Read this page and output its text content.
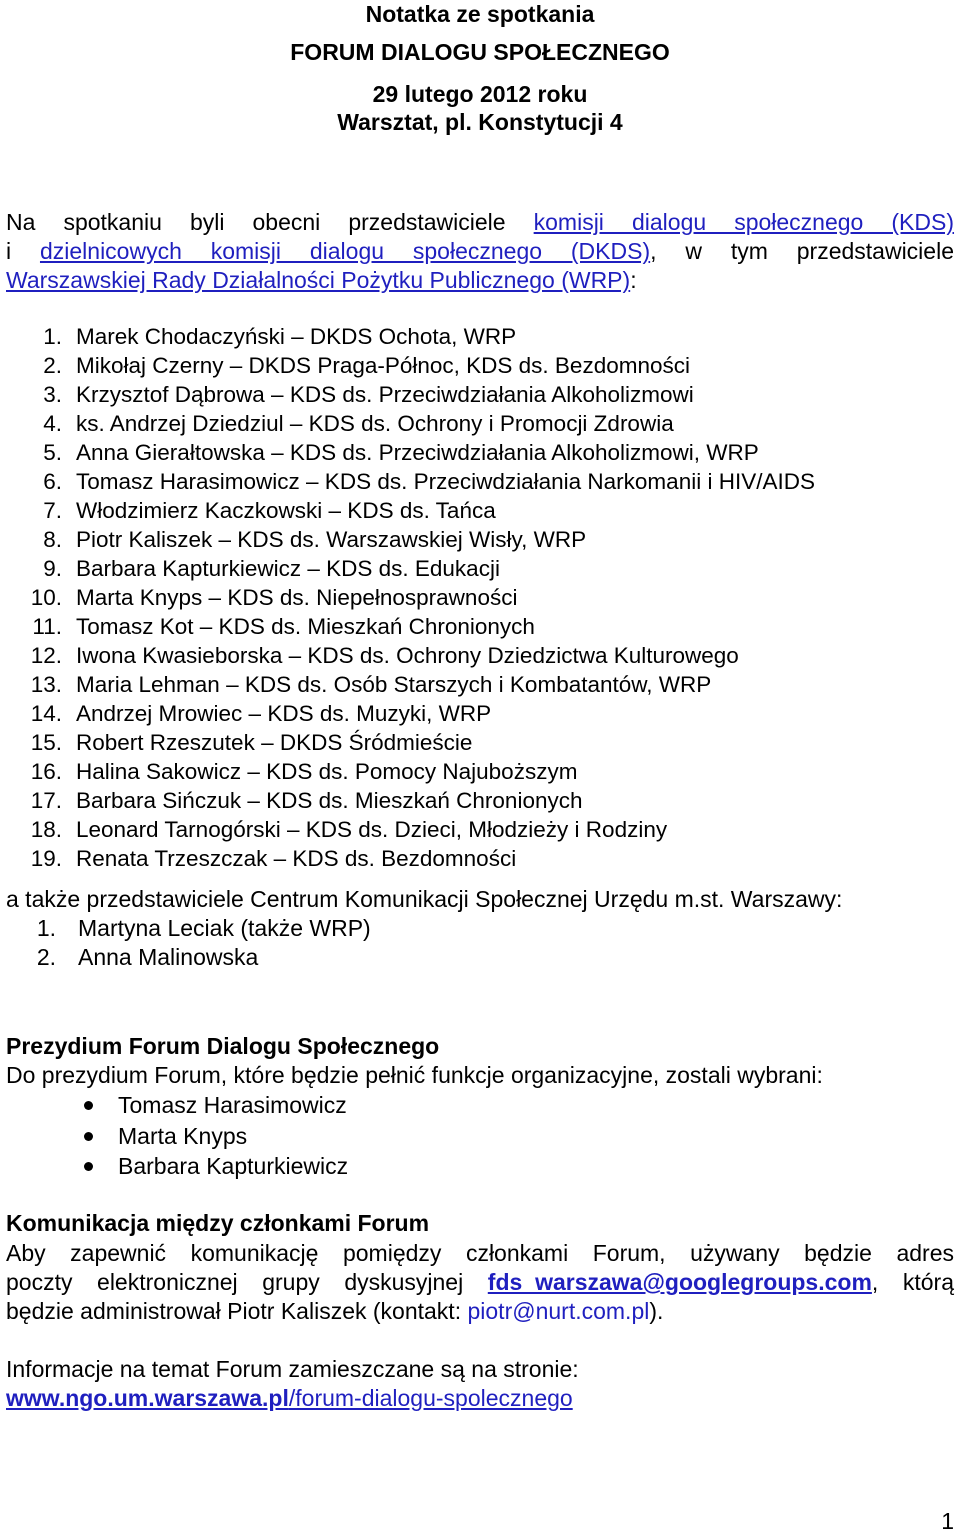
Notatka ze spotkania
FORUM DIALOGU SPOŁECZNEGO
29 lutego 2012 roku
Warsztat, pl. Konstytucji 4

Na spotkaniu byli obecni przedstawiciele komisji dialogu społecznego (KDS)
i dzielnicowych komisji dialogu społecznego (DKDS), w tym przedstawiciele
Warszawskiej Rady Działalności Pożytku Publicznego (WRP):

1. Marek Chodaczyński – DKDS Ochota, WRP
2. Mikołaj Czerny – DKDS Praga-Północ, KDS ds. Bezdomności
3. Krzysztof Dąbrowa – KDS ds. Przeciwdziałania Alkoholizmowi
4. ks. Andrzej Dziedziul – KDS ds. Ochrony i Promocji Zdrowia
5. Anna Gierałtowska – KDS ds. Przeciwdziałania Alkoholizmowi, WRP
6. Tomasz Harasimowicz – KDS ds. Przeciwdziałania Narkomanii i HIV/AIDS
7. Włodzimierz Kaczkowski – KDS ds. Tańca
8. Piotr Kaliszek – KDS ds. Warszawskiej Wisły, WRP
9. Barbara Kapturkiewicz – KDS ds. Edukacji
10. Marta Knyps – KDS ds. Niepełnosprawności
11. Tomasz Kot – KDS ds. Mieszkań Chronionych
12. Iwona Kwasieborska – KDS ds. Ochrony Dziedzictwa Kulturowego
13. Maria Lehman – KDS ds. Osób Starszych i Kombatantów, WRP
14. Andrzej Mrowiec – KDS ds. Muzyki, WRP
15. Robert Rzeszutek – DKDS Śródmieście
16. Halina Sakowicz – KDS ds. Pomocy Najuboższym
17. Barbara Sińczuk – KDS ds. Mieszkań Chronionych
18. Leonard Tarnogórski – KDS ds. Dzieci, Młodzieży i Rodziny
19. Renata Trzeszczak – KDS ds. Bezdomności
a także przedstawiciele Centrum Komunikacji Społecznej Urzędu m.st. Warszawy:
1. Martyna Leciak (także WRP)
2. Anna Malinowska
Prezydium Forum Dialogu Społecznego
Do prezydium Forum, które będzie pełnić funkcje organizacyjne, zostali wybrani:
Tomasz Harasimowicz
Marta Knyps
Barbara Kapturkiewicz
Komunikacja między członkami Forum
Aby zapewnić komunikację pomiędzy członkami Forum, używany będzie adres
poczty elektronicznej grupy dyskusyjnej fds_warszawa@googlegroups.com, którą
będzie administrował Piotr Kaliszek (kontakt: piotr@nurt.com.pl).
Informacje na temat Forum zamieszczane są na stronie:
www.ngo.um.warszawa.pl/forum-dialogu-spolecznego
1
